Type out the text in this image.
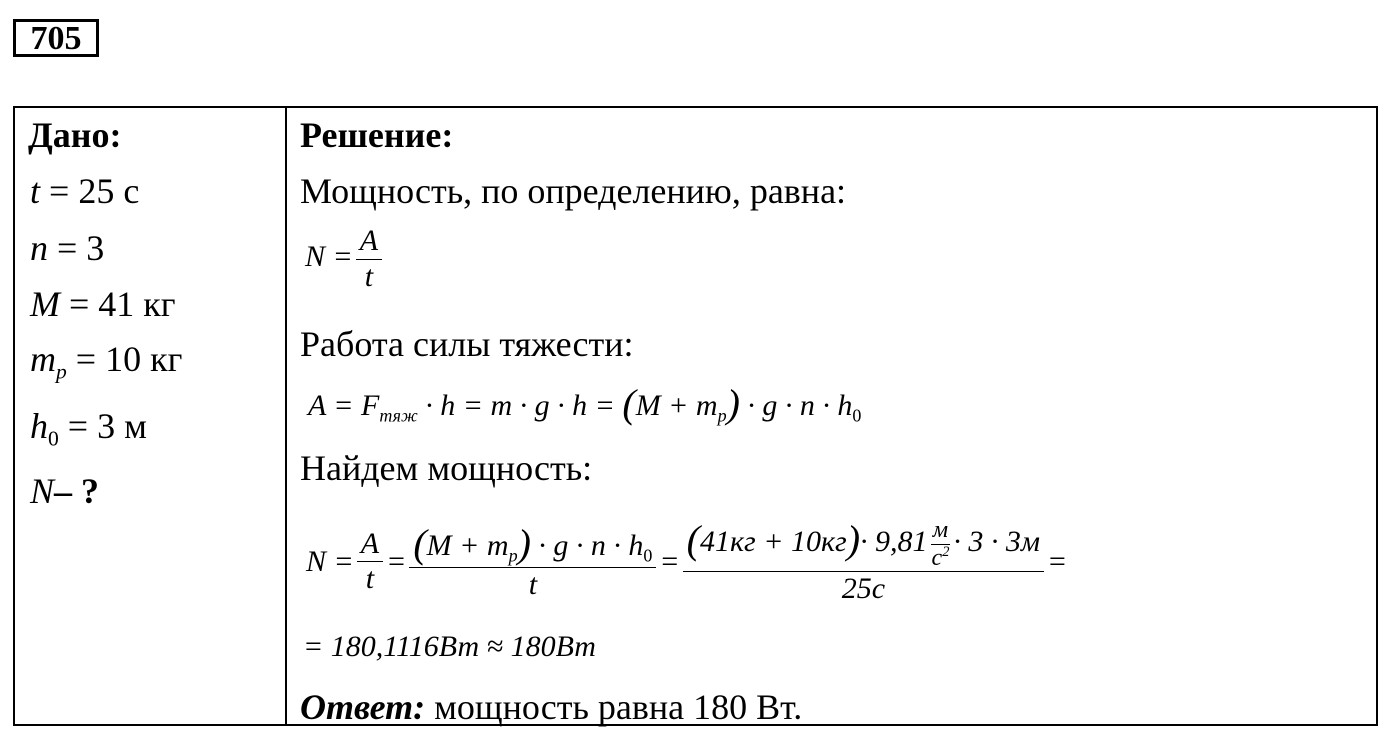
705
Дано:
t = 25 с
n = 3
M = 41 кг
$m_p = 10$ кг
$h_0 = 3$ м
N– ?
Решение:
Мощность, по определению, равна:
$N = \frac{A}{t}$
Работа силы тяжести:
$A = F_{тяж} \cdot h = m \cdot g \cdot h = (M + m_p) \cdot g \cdot n \cdot h_0$
Найдем мощность:
$N = \frac{A}{t} = \frac{(M + m_p) \cdot g \cdot n \cdot h_0}{t} = \frac{(41кг + 10кг)\cdot 9,81 \frac{м}{с^2} \cdot 3 \cdot 3м}{25с}$ =
= 180,1116Вт ≈ 180Вт
Ответ: мощность равна 180 Вт.
